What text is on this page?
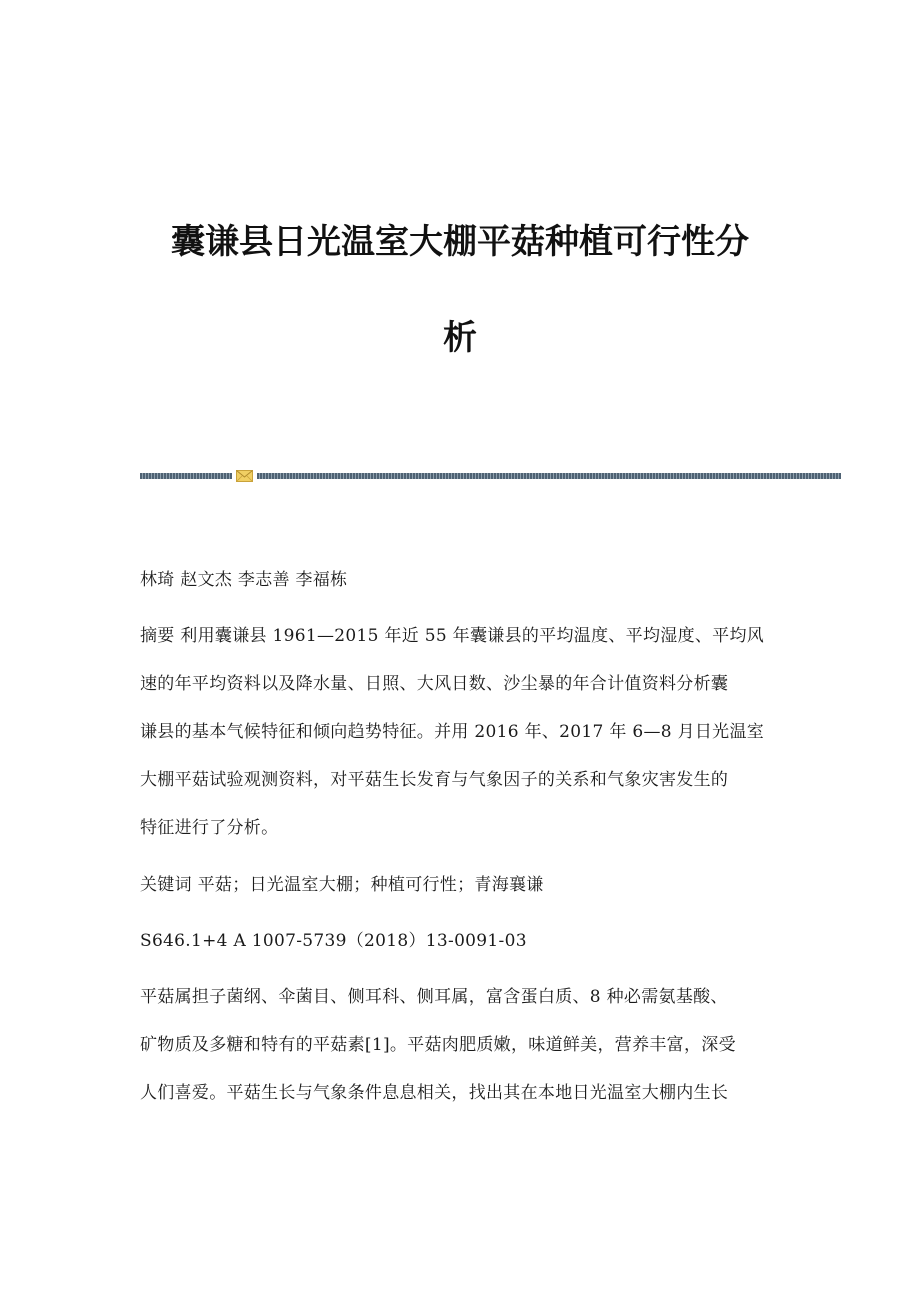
囊谦县日光温室大棚平菇种植可行性分
析
林琦 赵文杰 李志善 李福栋
摘要 利用囊谦县 1961—2015 年近 55 年囊谦县的平均温度、平均湿度、平均风
速的年平均资料以及降水量、日照、大风日数、沙尘暴的年合计值资料分析囊
谦县的基本气候特征和倾向趋势特征。并用 2016 年、2017 年 6—8 月日光温室
大棚平菇试验观测资料，对平菇生长发育与气象因子的关系和气象灾害发生的
特征进行了分析。
关键词 平菇；日光温室大棚；种植可行性；青海襄谦
S646.1+4 A 1007-5739（2018）13-0091-03
平菇属担子菌纲、伞菌目、侧耳科、侧耳属，富含蛋白质、8 种必需氨基酸、
矿物质及多糖和特有的平菇素[1]。平菇肉肥质嫩，味道鲜美，营养丰富，深受
人们喜爱。平菇生长与气象条件息息相关，找出其在本地日光温室大棚内生长
